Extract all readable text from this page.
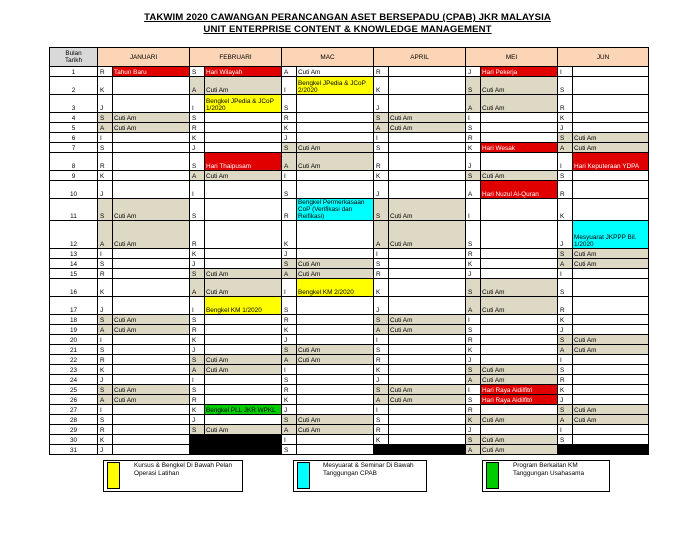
TAKWIM 2020 CAWANGAN PERANCANGAN ASET BERSEPADU (CPAB) JKR MALAYSIA
UNIT ENTERPRISE CONTENT & KNOWLEDGE MANAGEMENT
Bulan
Tarikh	JANUARI		FEBRUARI		MAC		APRIL		MEI		JUN	
1	R	Tahun Baru	S	Hari Wilayah	A	Cuti Am	R		J	Hari Pekerja	I	
2	K		A	Cuti Am	I	Bengkel JPedia & JCoP 2/2020	K		S	Cuti Am	S	
3	J		I	Bengkel JPedia & JCoP 1/2020	S		J		A	Cuti Am	R	
4	S	Cuti Am	S		R		S	Cuti Am	I		K	
5	A	Cuti Am	R		K		A	Cuti Am	S		J	
6	I		K		J		I		R		S	Cuti Am
7	S		J		S	Cuti Am	S		K	Hari Wesak	A	Cuti Am
8	R		S	Hari Thaipusam	A	Cuti Am	R		J		I	Hari Keputeraan YDPA
9	K		A	Cuti Am	I		K		S	Cuti Am	S	
10	J		I		S		J		A	Hari Nuzul Al-Quran	R	
11	S	Cuti Am	S		R	Bengkel Permerkasaan CoP (Verifikasi dan Reifikasi)	S	Cuti Am	I		K	
12	A	Cuti Am	R		K		A	Cuti Am	S		J	Mesyuarat JKPPP Bil. 1/2020
13	I		K		J		I		R		S	Cuti Am
14	S		J		S	Cuti Am	S		K		A	Cuti Am
15	R		S	Cuti Am	A	Cuti Am	R		J		I	
16	K		A	Cuti Am	I	Bengkel KM 2/2020	K		S	Cuti Am	S	
17	J		I	Bengkel KM 1/2020	S		J		A	Cuti Am	R	
18	S	Cuti Am	S		R		S	Cuti Am	I		K	
19	A	Cuti Am	R		K		A	Cuti Am	S		J	
20	I		K		J		I		R		S	Cuti Am
21	S		J		S	Cuti Am	S		K		A	Cuti Am
22	R		S	Cuti Am	A	Cuti Am	R		J		I	
23	K		A	Cuti Am	I		K		S	Cuti Am	S	
24	J		I		S		J		A	Cuti Am	R	
25	S	Cuti Am	S		R		S	Cuti Am	I	Hari Raya Aidilfitri	K	
26	A	Cuti Am	R		K		A	Cuti Am	S	Hari Raya Aidilfitri	J	
27	I		K	Bengkel PLL JKR WPKL	J		I		R		S	Cuti Am
28	S		J		S	Cuti Am	S		K	Cuti Am	A	Cuti Am
29	R		S	Cuti Am	A	Cuti Am	R		J		I	
30	K				I		K		S	Cuti Am	S	
31	J				S				A	Cuti Am		
Kursus & Bengkel Di Bawah Pelan Operasi Latihan
Mesyuarat & Seminar Di Bawah Tanggungan CPAB
Program Berkaitan KM Tanggungan Usahasama
